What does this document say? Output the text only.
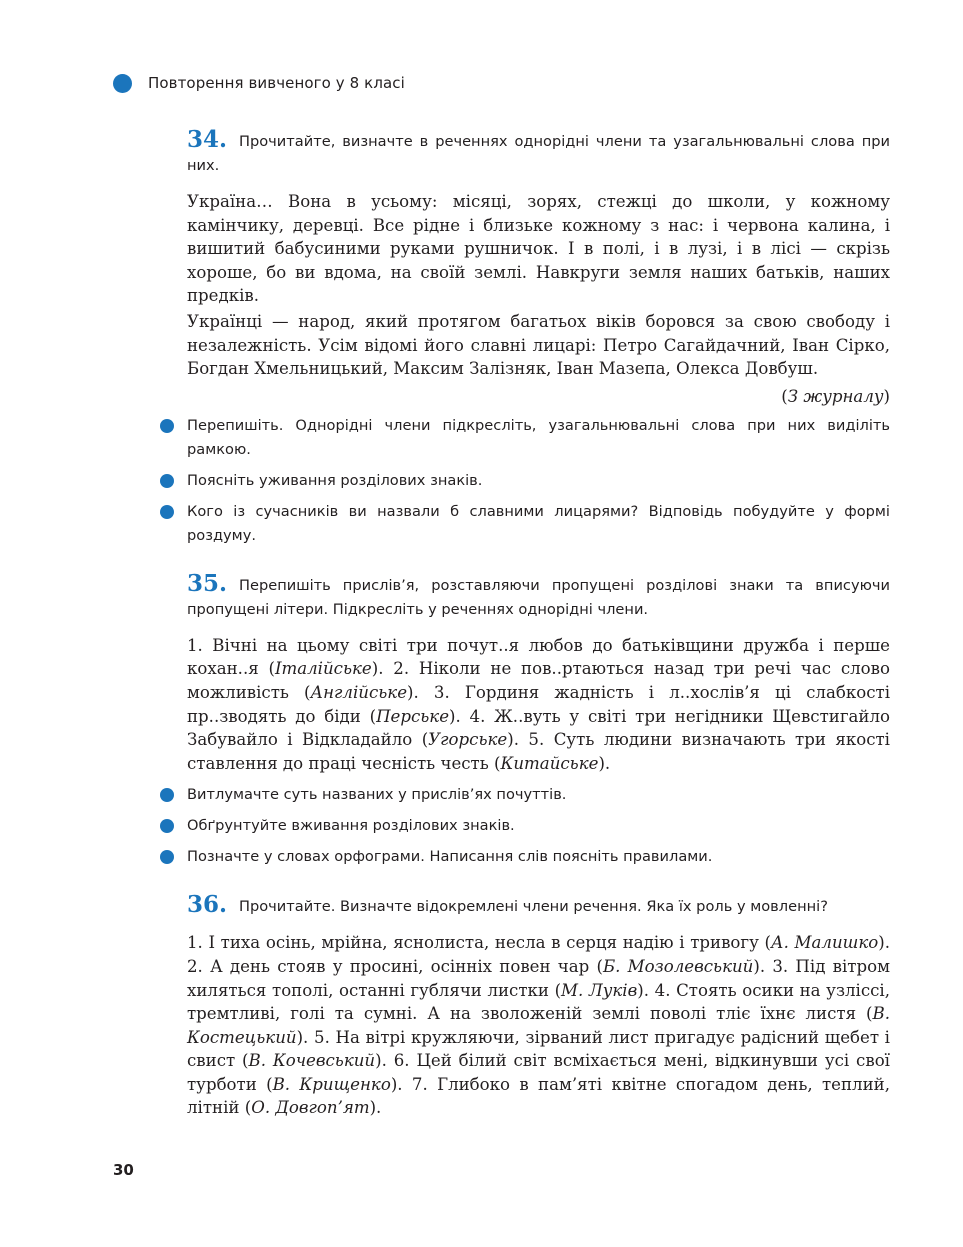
Повторення вивченого у 8 класі
34. Прочитайте, визначте в реченнях однорідні члени та узагальнювальні слова при них.

Україна… Вона в усьому: місяці, зорях, стежці до школи, у кожному камінчику, деревці. Все рідне і близьке кожному з нас: і червона калина, і вишитий бабусиними руками рушничок. І в полі, і в лузі, і в лісі — скрізь хороше, бо ви вдома, на своїй землі. Навкруги земля наших батьків, наших предків.

Українці — народ, який протягом багатьох віків боровся за свою свободу і незалежність. Усім відомі його славні лицарі: Петро Сагайдачний, Іван Сірко, Богдан Хмельницький, Максим Залізняк, Іван Мазепа, Олекса Довбуш.

(З журналу)
Перепишіть. Однорідні члени підкресліть, узагальнювальні слова при них виділіть рамкою.
Поясніть уживання розділових знаків.
Кого із сучасників ви назвали б славними лицарями? Відповідь побудуйте у формі роздуму.
35. Перепишіть прислів’я, розставляючи пропущені розділові знаки та вписуючи пропущені літери. Підкресліть у реченнях однорідні члени.

1. Вічні на цьому світі три почут..я любов до батьківщини дружба і перше кохан..я (Італійське). 2. Ніколи не пов..ртаються назад три речі час слово можливість (Англійське). 3. Гординя жадність і л..хослів’я ці слабкості пр..зводять до біди (Перське). 4. Ж..вуть у світі три негідники Щевстигайло Забувайло і Відкладайло (Угорське). 5. Суть людини визначають три якості ставлення до праці чесність честь (Китайське).

Витлумачте суть названих у прислів’ях почуттів.
Обґрунтуйте вживання розділових знаків.
Позначте у словах орфограми. Написання слів поясніть правилами.
36. Прочитайте. Визначте відокремлені члени речення. Яка їх роль у мовленні?

1. І тиха осінь, мрійна, яснолиста, несла в серця надію і тривогу (А. Малишко). 2. А день стояв у просині, осінніх повен чар (Б. Мозолевський). 3. Під вітром хиляться тополі, останні гублячи листки (М. Луків). 4. Стоять осики на узліссі, тремтливі, голі та сумні. А на зволоженій землі поволі тліє їхнє листя (В. Костецький). 5. На вітрі кружляючи, зірваний лист пригадує радісний щебет і свист (В. Кочевський). 6. Цей білий світ всміхається мені, відкинувши усі свої турботи (В. Крищенко). 7. Глибоко в пам’яті квітне спогадом день, теплий, літній (О. Довгоп’ят).

30
